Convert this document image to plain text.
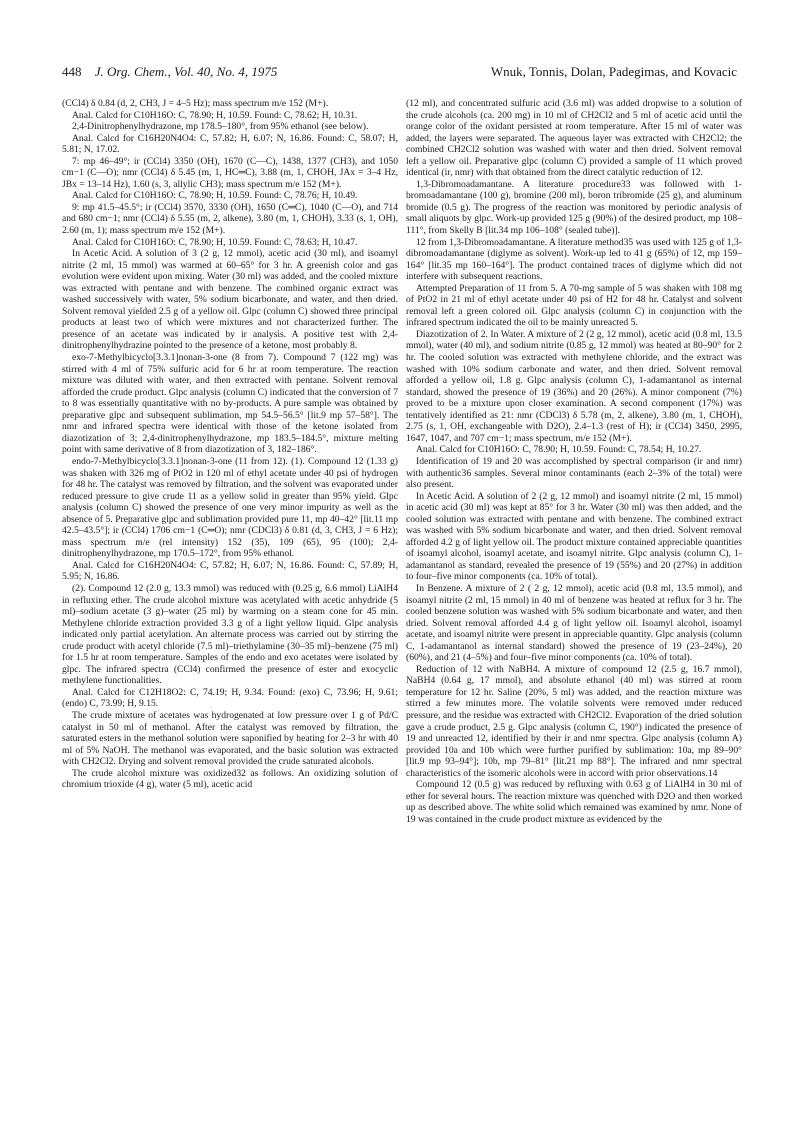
448 J. Org. Chem., Vol. 40, No. 4, 1975	Wnuk, Tonnis, Dolan, Padegimas, and Kovacic

(CCl4) δ 0.84 (d, 2, CH3, J = 4–5 Hz); mass spectrum m/e 152 (M+).

Anal. Calcd for C10H16O: C, 78.90; H, 10.59. Found: C, 78.62; H, 10.31.

2,4-Dinitrophenylhydrazone, mp 178.5–180°, from 95% ethanol (see below).

Anal. Calcd for C16H20N4O4: C, 57.82; H, 6.07; N, 16.86. Found: C, 58.07; H, 5.81; N, 17.02.

7: mp 46–49°; ir (CCl4) 3350 (OH), 1670 (C—C), 1438, 1377 (CH3), and 1050 cm−1 (C—O); nmr (CCl4) δ 5.45 (m, 1, HC═C), 3.88 (m, 1, CHOH, JAx = 3–4 Hz, JBx = 13–14 Hz), 1.60 (s, 3, allylic CH3); mass spectrum m/e 152 (M+).

Anal. Calcd for C10H16O: C, 78.90; H, 10.59. Found: C, 78.76; H, 10.49.

9: mp 41.5–45.5°; ir (CCl4) 3570, 3330 (OH), 1650 (C═C), 1040 (C—O), and 714 and 680 cm−1; nmr (CCl4) δ 5.55 (m, 2, alkene), 3.80 (m, 1, CHOH), 3.33 (s, 1, OH), 2.60 (m, 1); mass spectrum m/e 152 (M+).

Anal. Calcd for C10H16O: C, 78.90; H, 10.59. Found: C, 78.63; H, 10.47.

In Acetic Acid. A solution of 3 (2 g, 12 mmol), acetic acid (30 ml), and isoamyl nitrite (2 ml, 15 mmol) was warmed at 60–65° for 3 hr. A greenish color and gas evolution were evident upon mixing. Water (30 ml) was added, and the cooled mixture was extracted with pentane and with benzene. The combined organic extract was washed successively with water, 5% sodium bicarbonate, and water, and then dried. Solvent removal yielded 2.5 g of a yellow oil. Glpc (column C) showed three principal products at least two of which were mixtures and not characterized further. The presence of an acetate was indicated by ir analysis. A positive test with 2,4-dinitrophenylhydrazine pointed to the presence of a ketone, most probably 8.

exo-7-Methylbicyclo[3.3.1]nonan-3-one (8 from 7). Compound 7 (122 mg) was stirred with 4 ml of 75% sulfuric acid for 6 hr at room temperature. The reaction mixture was diluted with water, and then extracted with pentane. Solvent removal afforded the crude product. Glpc analysis (column C) indicated that the conversion of 7 to 8 was essentially quantitative with no by-products. A pure sample was obtained by preparative glpc and subsequent sublimation, mp 54.5–56.5° [lit.9 mp 57–58°]. The nmr and infrared spectra were identical with those of the ketone isolated from diazotization of 3; 2,4-dinitrophenylhydrazone, mp 183.5–184.5°, mixture melting point with same derivative of 8 from diazotization of 3, 182–186°.

endo-7-Methylbicyclo[3.3.1]nonan-3-one (11 from 12). (1). Compound 12 (1.33 g) was shaken with 326 mg of PtO2 in 120 ml of ethyl acetate under 40 psi of hydrogen for 48 hr. The catalyst was removed by filtration, and the solvent was evaporated under reduced pressure to give crude 11 as a yellow solid in greater than 95% yield. Glpc analysis (column C) showed the presence of one very minor impurity as well as the absence of 5. Preparative glpc and sublimation provided pure 11, mp 40–42° [lit.11 mp 42.5–43.5°]; ir (CCl4) 1706 cm−1 (C═O); nmr (CDCl3) δ 0.81 (d, 3, CH3, J = 6 Hz); mass spectrum m/e (rel intensity) 152 (35), 109 (65), 95 (100); 2,4-dinitrophenylhydrazone, mp 170.5–172°, from 95% ethanol.

Anal. Calcd for C16H20N4O4: C, 57.82; H, 6.07; N, 16.86. Found: C, 57.89; H, 5.95; N, 16.86.

(2). Compound 12 (2.0 g, 13.3 mmol) was reduced with (0.25 g, 6.6 mmol) LiAlH4 in refluxing ether. The crude alcohol mixture was acetylated with acetic anhydride (5 ml)–sodium acetate (3 g)–water (25 ml) by warming on a steam cone for 45 min. Methylene chloride extraction provided 3.3 g of a light yellow liquid. Glpc analysis indicated only partial acetylation. An alternate process was carried out by stirring the crude product with acetyl chloride (7.5 ml)–triethylamine (30–35 ml)–benzene (75 ml) for 1.5 hr at room temperature. Samples of the endo and exo acetates were isolated by glpc. The infrared spectra (CCl4) confirmed the presence of ester and exocyclic methylene functionalities.

Anal. Calcd for C12H18O2: C, 74.19; H, 9.34. Found: (exo) C, 73.96; H, 9.61; (endo) C, 73.99; H, 9.15.

The crude mixture of acetates was hydrogenated at low pressure over 1 g of Pd/C catalyst in 50 ml of methanol. After the catalyst was removed by filtration, the saturated esters in the methanol solution were saponified by heating for 2–3 hr with 40 ml of 5% NaOH. The methanol was evaporated, and the basic solution was extracted with CH2Cl2. Drying and solvent removal provided the crude saturated alcohols.

The crude alcohol mixture was oxidized32 as follows. An oxidizing solution of chromium trioxide (4 g), water (5 ml), acetic acid

(12 ml), and concentrated sulfuric acid (3.6 ml) was added dropwise to a solution of the crude alcohols (ca. 200 mg) in 10 ml of CH2Cl2 and 5 ml of acetic acid until the orange color of the oxidant persisted at room temperature. After 15 ml of water was added, the layers were separated. The aqueous layer was extracted with CH2Cl2; the combined CH2Cl2 solution was washed with water and then dried. Solvent removal left a yellow oil. Preparative glpc (column C) provided a sample of 11 which proved identical (ir, nmr) with that obtained from the direct catalytic reduction of 12.

1,3-Dibromoadamantane. A literature procedure33 was followed with 1-bromoadamantane (100 g), bromine (200 ml), boron tribromide (25 g), and aluminum bromide (0.5 g). The progress of the reaction was monitored by periodic analysis of small aliquots by glpc. Work-up provided 125 g (90%) of the desired product, mp 108–111°, from Skelly B [lit.34 mp 106–108° (sealed tube)].

12 from 1,3-Dibromoadamantane. A literature method35 was used with 125 g of 1,3-dibromoadamantane (diglyme as solvent). Work-up led to 41 g (65%) of 12, mp 159–164° [lit.35 mp 160–164°]. The product contained traces of diglyme which did not interfere with subsequent reactions.

Attempted Preparation of 11 from 5. A 70-mg sample of 5 was shaken with 108 mg of PtO2 in 21 ml of ethyl acetate under 40 psi of H2 for 48 hr. Catalyst and solvent removal left a green colored oil. Glpc analysis (column C) in conjunction with the infrared spectrum indicated the oil to be mainly unreacted 5.

Diazotization of 2. In Water. A mixture of 2 (2 g, 12 mmol), acetic acid (0.8 ml, 13.5 mmol), water (40 ml), and sodium nitrite (0.85 g, 12 mmol) was heated at 80–90° for 2 hr. The cooled solution was extracted with methylene chloride, and the extract was washed with 10% sodium carbonate and water, and then dried. Solvent removal afforded a yellow oil, 1.8 g. Glpc analysis (column C), 1-adamantanol as internal standard, showed the presence of 19 (36%) and 20 (26%). A minor component (7%) proved to be a mixture upon closer examination. A second component (17%) was tentatively identified as 21: nmr (CDCl3) δ 5.78 (m, 2, alkene), 3.80 (m, 1, CHOH), 2.75 (s, 1, OH, exchangeable with D2O), 2.4–1.3 (rest of H); ir (CCl4) 3450, 2995, 1647, 1047, and 707 cm−1; mass spectrum, m/e 152 (M+).

Anal. Calcd for C10H16O: C, 78.90; H, 10.59. Found: C, 78.54; H, 10.27.

Identification of 19 and 20 was accomplished by spectral comparison (ir and nmr) with authentic36 samples. Several minor contaminants (each 2–3% of the total) were also present.

In Acetic Acid. A solution of 2 (2 g, 12 mmol) and isoamyl nitrite (2 ml, 15 mmol) in acetic acid (30 ml) was kept at 85° for 3 hr. Water (30 ml) was then added, and the cooled solution was extracted with pentane and with benzene. The combined extract was washed with 5% sodium bicarbonate and water, and then dried. Solvent removal afforded 4.2 g of light yellow oil. The product mixture contained appreciable quantities of isoamyl alcohol, isoamyl acetate, and isoamyl nitrite. Glpc analysis (column C), 1-adamantanol as standard, revealed the presence of 19 (55%) and 20 (27%) in addition to four–five minor components (ca. 10% of total).

In Benzene. A mixture of 2 ( 2 g, 12 mmol), acetic acid (0.8 ml, 13.5 mmol), and isoamyl nitrite (2 ml, 15 mmol) in 40 ml of benzene was heated at reflux for 3 hr. The cooled benzene solution was washed with 5% sodium bicarbonate and water, and then dried. Solvent removal afforded 4.4 g of light yellow oil. Isoamyl alcohol, isoamyl acetate, and isoamyl nitrite were present in appreciable quantity. Glpc analysis (column C, 1-adamantanol as internal standard) showed the presence of 19 (23–24%), 20 (60%), and 21 (4–5%) and four–five minor components (ca. 10% of total).

Reduction of 12 with NaBH4. A mixture of compound 12 (2.5 g, 16.7 mmol), NaBH4 (0.64 g, 17 mmol), and absolute ethanol (40 ml) was stirred at room temperature for 12 hr. Saline (20%, 5 ml) was added, and the reaction mixture was stirred a few minutes more. The volatile solvents were removed under reduced pressure, and the residue was extracted with CH2Cl2. Evaporation of the dried solution gave a crude product, 2.5 g. Glpc analysis (column C, 190°) indicated the presence of 19 and unreacted 12, identified by their ir and nmr spectra. Glpc analysis (column A) provided 10a and 10b which were further purified by sublimation: 10a, mp 89–90° [lit.9 mp 93–94°]; 10b, mp 79–81° [lit.21 mp 88°]. The infrared and nmr spectral characteristics of the isomeric alcohols were in accord with prior observations.14

Compound 12 (0.5 g) was reduced by refluxing with 0.63 g of LiAlH4 in 30 ml of ether for several hours. The reaction mixture was quenched with D2O and then worked up as described above. The white solid which remained was examined by nmr. None of 19 was contained in the crude product mixture as evidenced by the
